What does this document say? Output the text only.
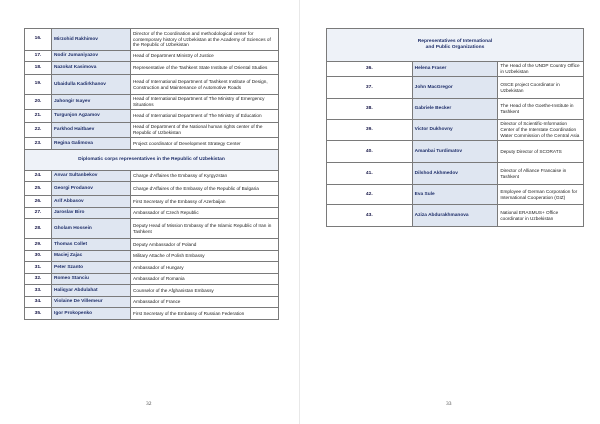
16.	Mirzohid Rakhimov	Director of the Coordination and methodological center for contemporary history of Uzbekistan at the Academy of Sciences of the Republic of Uzbekistan
17.	Nodir Jumaniyazov	Head of Department Ministry of Justice
18.	Nazokat Kasimova	Representative of the Tashkent State Institute of Oriental Studies
19.	Ubaidulla Kadirkhanov	Head of International Department of Tashkent Institute of Design, Construction and Maintenance of Automotive Roads
20.	Jahongir Isayev	Head of International Department of The Ministry of Emergency Situations
21.	Turgunjon Agzamov	Head of International Department of The Ministry of Education
22.	Farkhod Haitbaev	Head of Department of the National human rights center of the Republic of Uzbekistan
23.	Regina Galimova	Project coordinator of Development Strategy Center
Diplomatic corps representatives in the Republic of Uzbekistan		
24.	Anvar Sultanbekov	Charge d'Affaires the Embassy of Kyrgyzstan
25.	Georgi Prodanov	Charge d'Affaires of the Embassy of the Republic of Bulgaria
26.	Arif Abbasov	First Secretary of the Embassy of Azerbaijan
27.	Jaroslav Biro	Ambassador of Czech Republic
28.	Gholam Hossein	Deputy Head of Mission Embassy of the Islamic Republic of Iran in Tashkent
29.	Thomas Collet	Deputy Ambassador of Poland
30.	Maciej Zajac	Military Attache of Polish Embassy
31.	Peter Szanto	Ambassador of Hungary
32.	Romeo Stanciu	Ambassador of Romania
33.	Haliqyar Abdulahat	Counselor of the Afghanistan Embassy
34.	Violaine De Villemeur	Ambassador of France
35.	Igor Prokopenko	First Secretary of the Embassy of Russian Federation
32	33
Representatives of International
and Public Organizations		

36.	Helena Fraser	The Head of the UNDP Country Office in Uzbekistan
37.	John MacGregor	OSCE project Coordinator in Uzbekistan
38.	Gabriele Becker	The Head of the Goethe-Institute in Tashkent
39.	Victor Dukhovny	Director of Scientific-Information Center of the Interstate Coordination Water Commission of the Central Asia
40.	Amanbai Turdimatov	Deputy Director of SCORATS
41.	Dilshod Akhmedov	Director of Alliance Francaise in Tashkent
42.	Eva Sule	Employee of German Corporation for International Cooperation (GIZ)
43.	Aziza Abdurakhmanova	National ERASMUS+ Office coordinator in Uzbekistan
